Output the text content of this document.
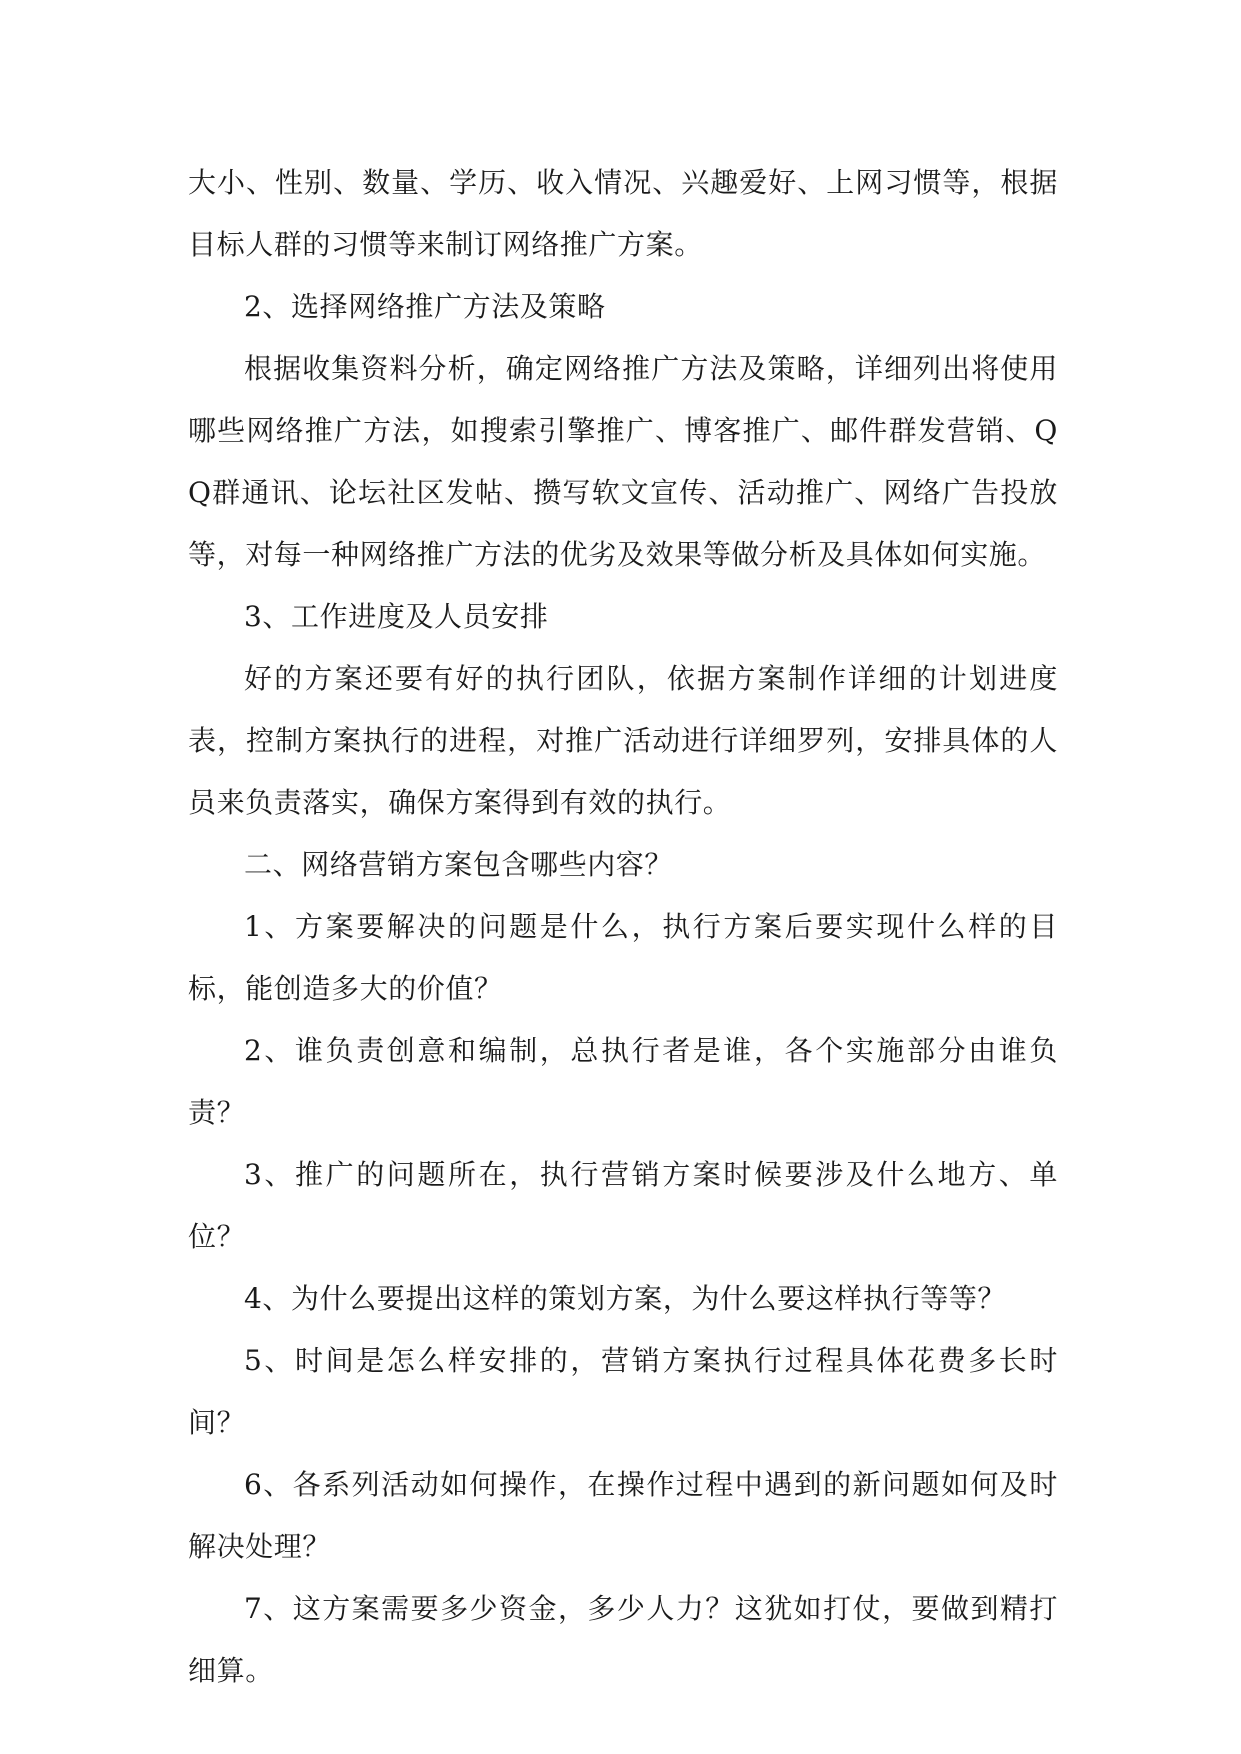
大小、性别、数量、学历、收入情况、兴趣爱好、上网习惯等，根据目标人群的习惯等来制订网络推广方案。

2、选择网络推广方法及策略

根据收集资料分析，确定网络推广方法及策略，详细列出将使用哪些网络推广方法，如搜索引擎推广、博客推广、邮件群发营销、QQ群通讯、论坛社区发帖、攒写软文宣传、活动推广、网络广告投放等，对每一种网络推广方法的优劣及效果等做分析及具体如何实施。

3、工作进度及人员安排

好的方案还要有好的执行团队，依据方案制作详细的计划进度表，控制方案执行的进程，对推广活动进行详细罗列，安排具体的人员来负责落实，确保方案得到有效的执行。

二、网络营销方案包含哪些内容？

1、方案要解决的问题是什么，执行方案后要实现什么样的目标，能创造多大的价值？

2、谁负责创意和编制，总执行者是谁，各个实施部分由谁负责？

3、推广的问题所在，执行营销方案时候要涉及什么地方、单位？

4、为什么要提出这样的策划方案，为什么要这样执行等等？

5、时间是怎么样安排的，营销方案执行过程具体花费多长时间？

6、各系列活动如何操作，在操作过程中遇到的新问题如何及时解决处理？

7、这方案需要多少资金，多少人力？这犹如打仗，要做到精打细算。
